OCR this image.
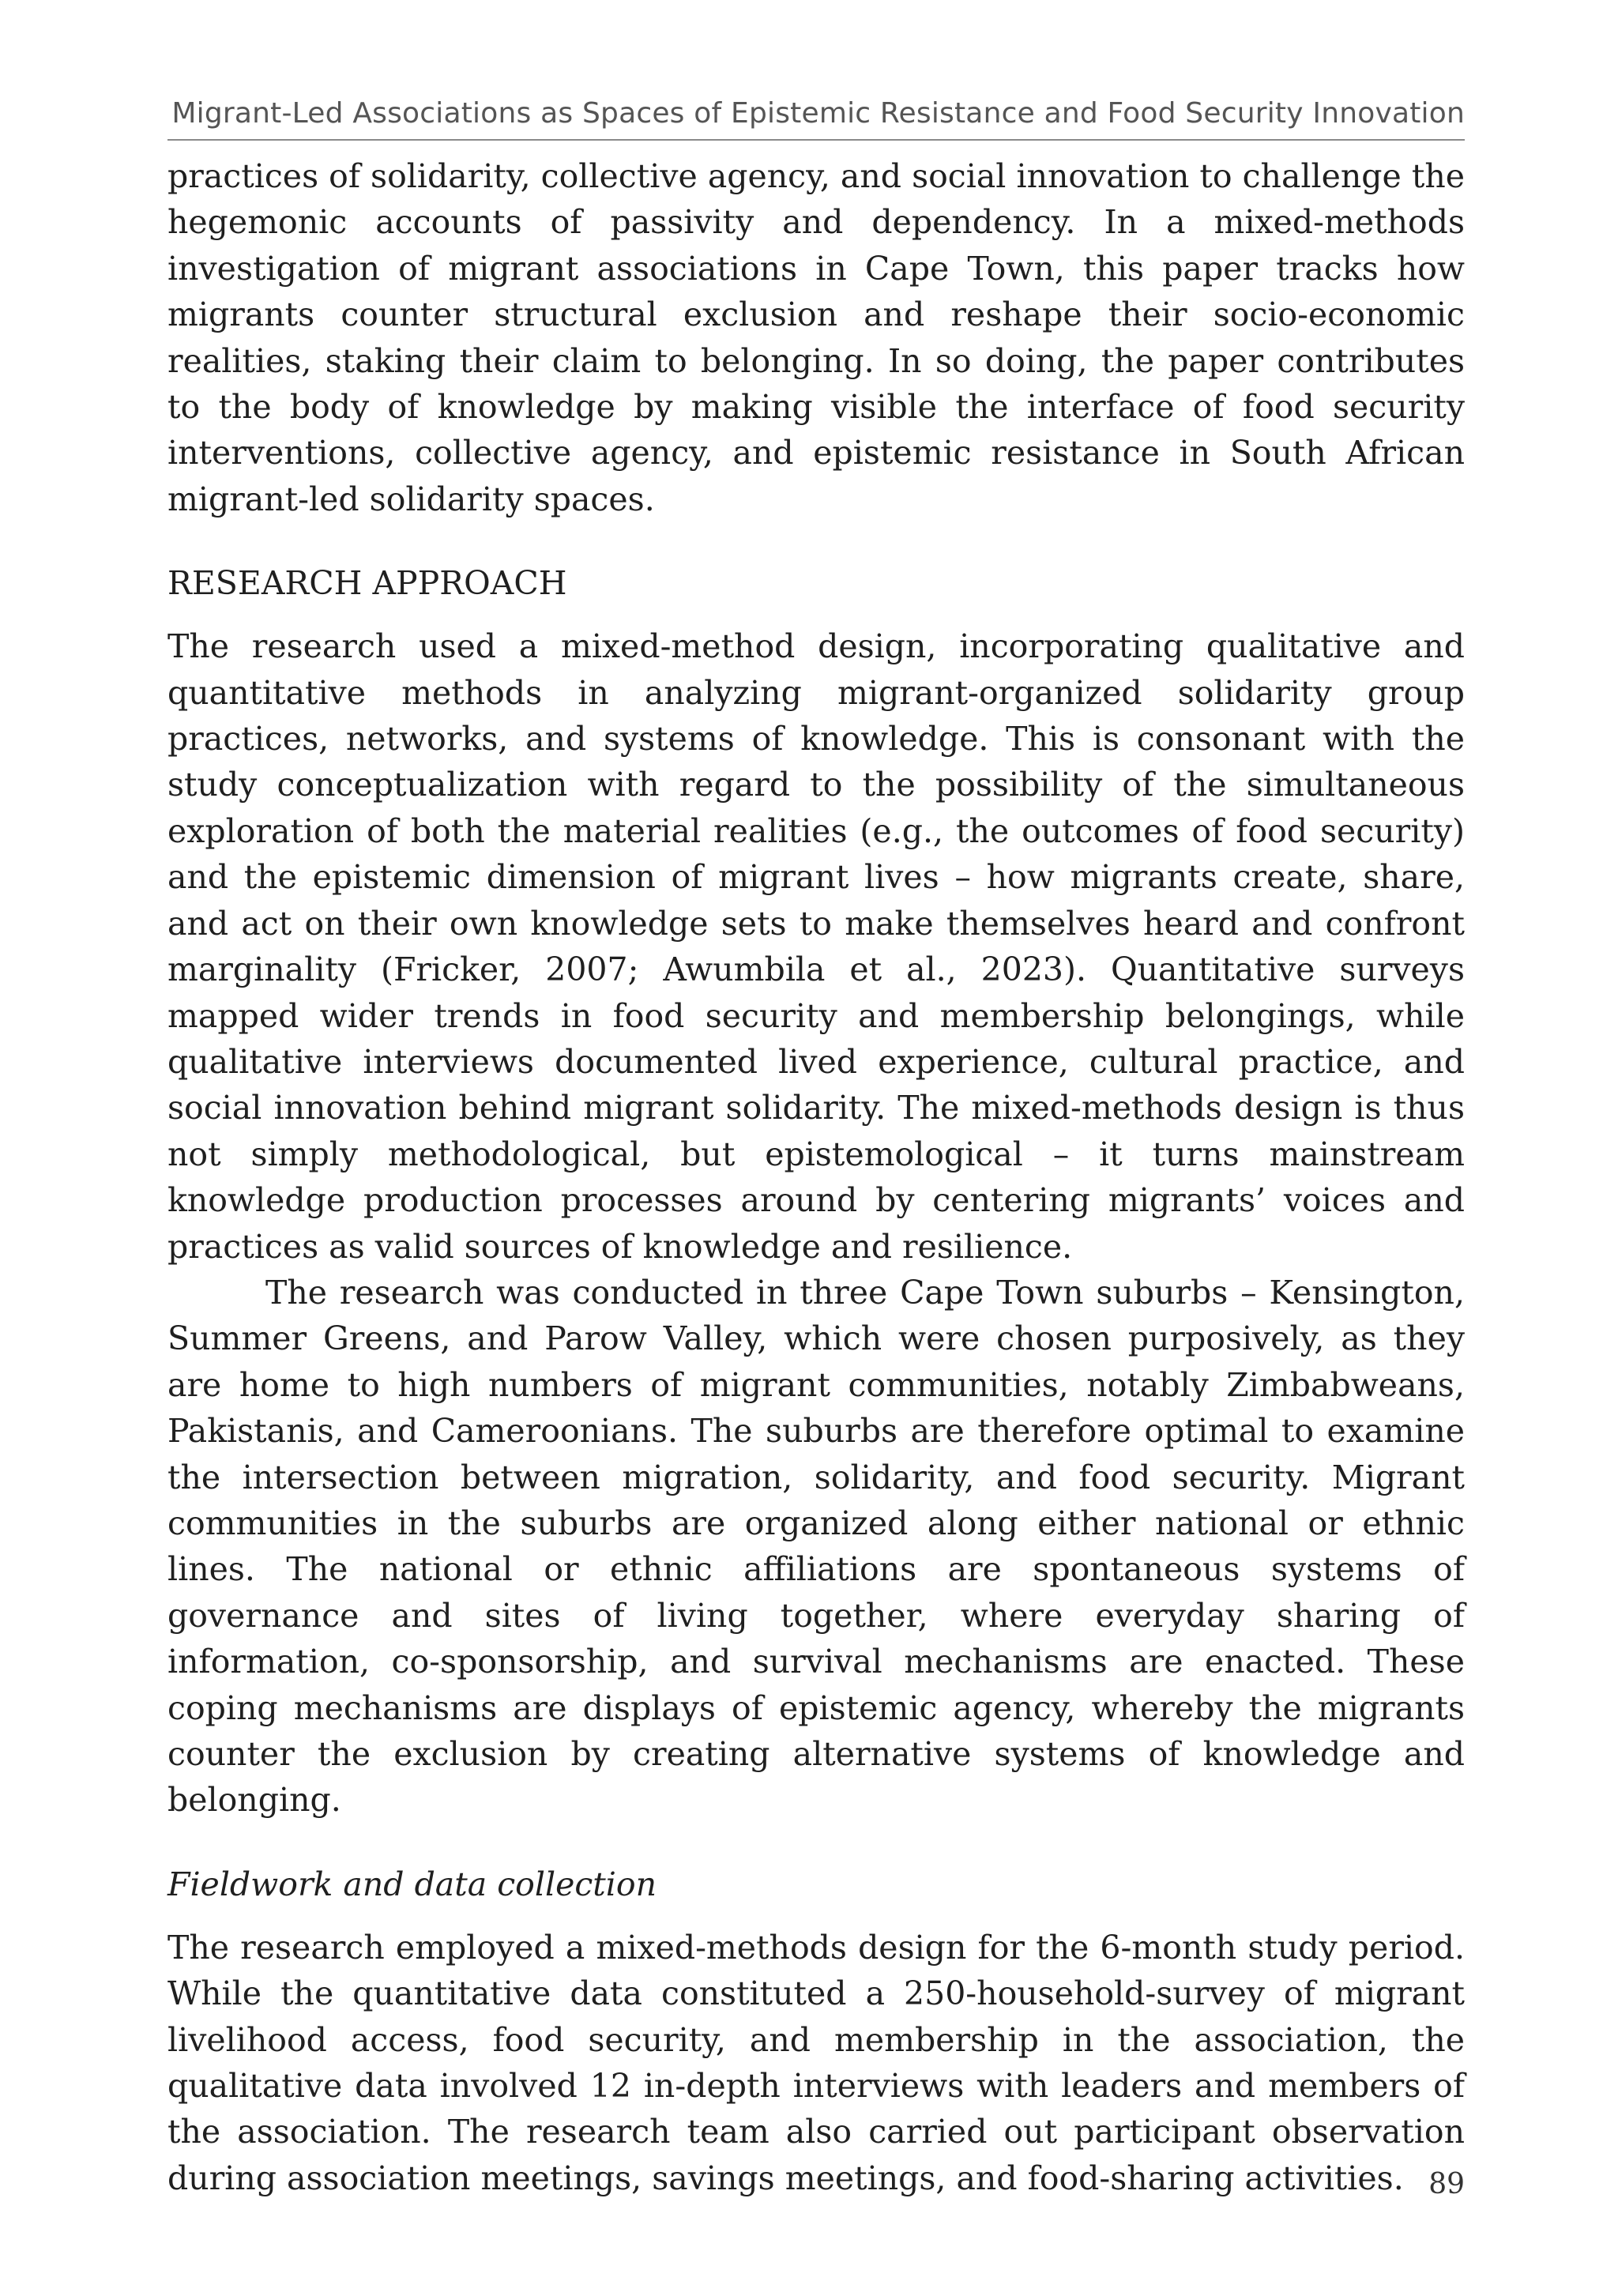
Migrant-Led Associations as Spaces of Epistemic Resistance and Food Security Innovation

practices of solidarity, collective agency, and social innovation to challenge the hegemonic accounts of passivity and dependency. In a mixed-methods investigation of migrant associations in Cape Town, this paper tracks how migrants counter structural exclusion and reshape their socio-economic realities, staking their claim to belonging. In so doing, the paper contributes to the body of knowledge by making visible the interface of food security interventions, collective agency, and epistemic resistance in South African migrant-led solidarity spaces.

RESEARCH APPROACH

The research used a mixed-method design, incorporating qualitative and quantitative methods in analyzing migrant-organized solidarity group practices, networks, and systems of knowledge. This is consonant with the study conceptualization with regard to the possibility of the simultaneous exploration of both the material realities (e.g., the outcomes of food security) and the epistemic dimension of migrant lives – how migrants create, share, and act on their own knowledge sets to make themselves heard and confront marginality (Fricker, 2007; Awumbila et al., 2023). Quantitative surveys mapped wider trends in food security and membership belongings, while qualitative interviews documented lived experience, cultural practice, and social innovation behind migrant solidarity. The mixed-methods design is thus not simply methodological, but epistemological – it turns mainstream knowledge production processes around by centering migrants’ voices and practices as valid sources of knowledge and resilience.

The research was conducted in three Cape Town suburbs – Kensington, Summer Greens, and Parow Valley, which were chosen purposively, as they are home to high numbers of migrant communities, notably Zimbabweans, Pakistanis, and Cameroonians. The suburbs are therefore optimal to examine the intersection between migration, solidarity, and food security. Migrant communities in the suburbs are organized along either national or ethnic lines. The national or ethnic affiliations are spontaneous systems of governance and sites of living together, where everyday sharing of information, co-sponsorship, and survival mechanisms are enacted. These coping mechanisms are displays of epistemic agency, whereby the migrants counter the exclusion by creating alternative systems of knowledge and belonging.

Fieldwork and data collection

The research employed a mixed-methods design for the 6-month study period. While the quantitative data constituted a 250-household-survey of migrant livelihood access, food security, and membership in the association, the qualitative data involved 12 in-depth interviews with leaders and members of the association. The research team also carried out participant observation during association meetings, savings meetings, and food-sharing activities. 89
